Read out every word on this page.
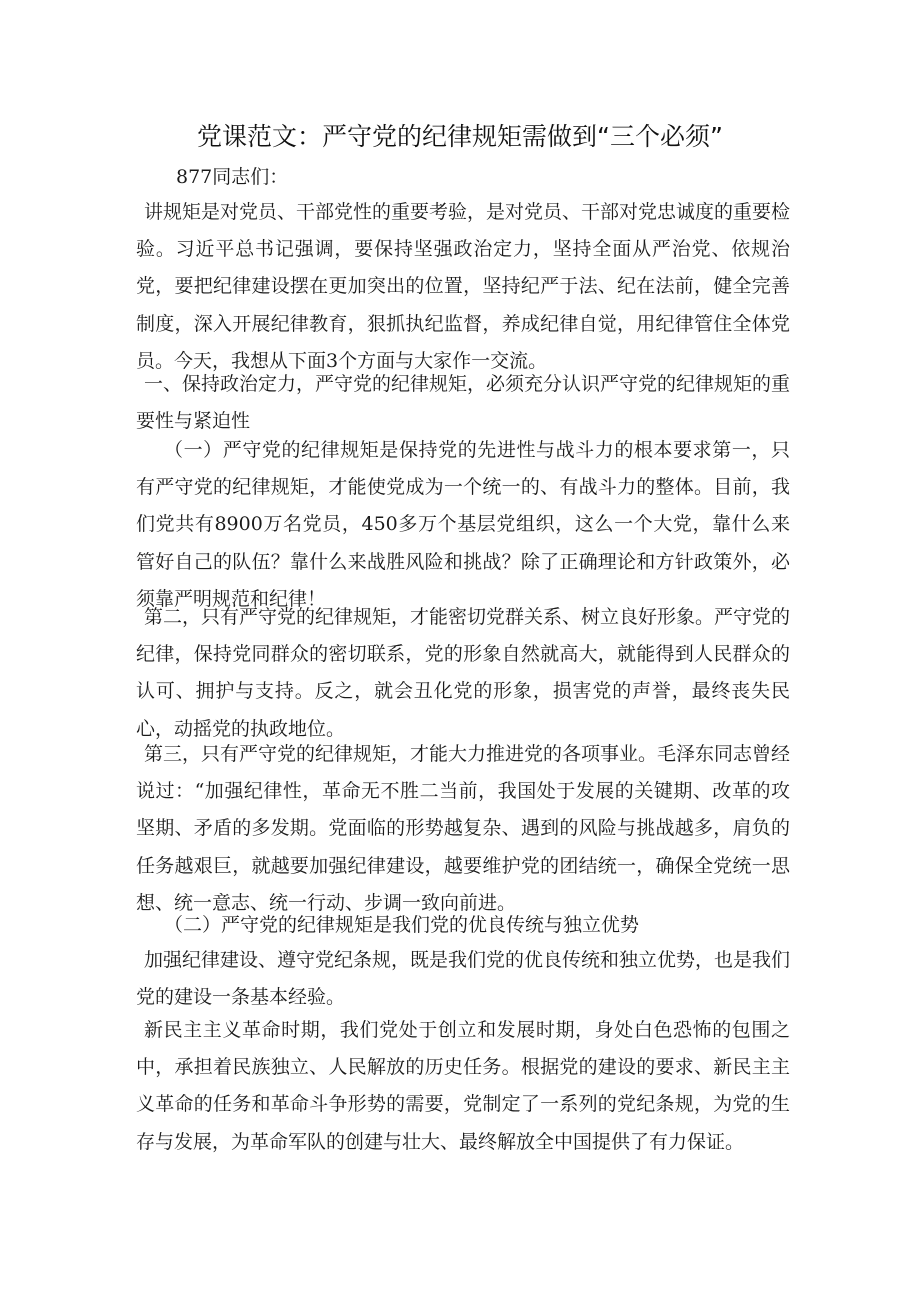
党课范文：严守党的纪律规矩需做到“三个必须”
877同志们：

讲规矩是对党员、干部党性的重要考验，是对党员、干部对党忠诚度的重要检验。习近平总书记强调，要保持坚强政治定力，坚持全面从严治党、依规治党，要把纪律建设摆在更加突出的位置，坚持纪严于法、纪在法前，健全完善制度，深入开展纪律教育，狠抓执纪监督，养成纪律自觉，用纪律管住全体党员。今天，我想从下面3个方面与大家作一交流。

一、保持政治定力，严守党的纪律规矩，必须充分认识严守党的纪律规矩的重要性与紧迫性

（一）严守党的纪律规矩是保持党的先进性与战斗力的根本要求第一，只有严守党的纪律规矩，才能使党成为一个统一的、有战斗力的整体。目前，我们党共有8900万名党员，450多万个基层党组织，这么一个大党，靠什么来管好自己的队伍？靠什么来战胜风险和挑战？除了正确理论和方针政策外，必须靠严明规范和纪律！

第二，只有严守党的纪律规矩，才能密切党群关系、树立良好形象。严守党的纪律，保持党同群众的密切联系，党的形象自然就高大，就能得到人民群众的认可、拥护与支持。反之，就会丑化党的形象，损害党的声誉，最终丧失民心，动摇党的执政地位。

第三，只有严守党的纪律规矩，才能大力推进党的各项事业。毛泽东同志曾经说过：“加强纪律性，革命无不胜二当前，我国处于发展的关键期、改革的攻坚期、矛盾的多发期。党面临的形势越复杂、遇到的风险与挑战越多，肩负的任务越艰巨，就越要加强纪律建设，越要维护党的团结统一，确保全党统一思想、统一意志、统一行动、步调一致向前进。

（二）严守党的纪律规矩是我们党的优良传统与独立优势

加强纪律建设、遵守党纪条规，既是我们党的优良传统和独立优势，也是我们党的建设一条基本经验。

新民主主义革命时期，我们党处于创立和发展时期，身处白色恐怖的包围之中，承担着民族独立、人民解放的历史任务。根据党的建设的要求、新民主主义革命的任务和革命斗争形势的需要，党制定了一系列的党纪条规，为党的生存与发展，为革命军队的创建与壮大、最终解放全中国提供了有力保证。
